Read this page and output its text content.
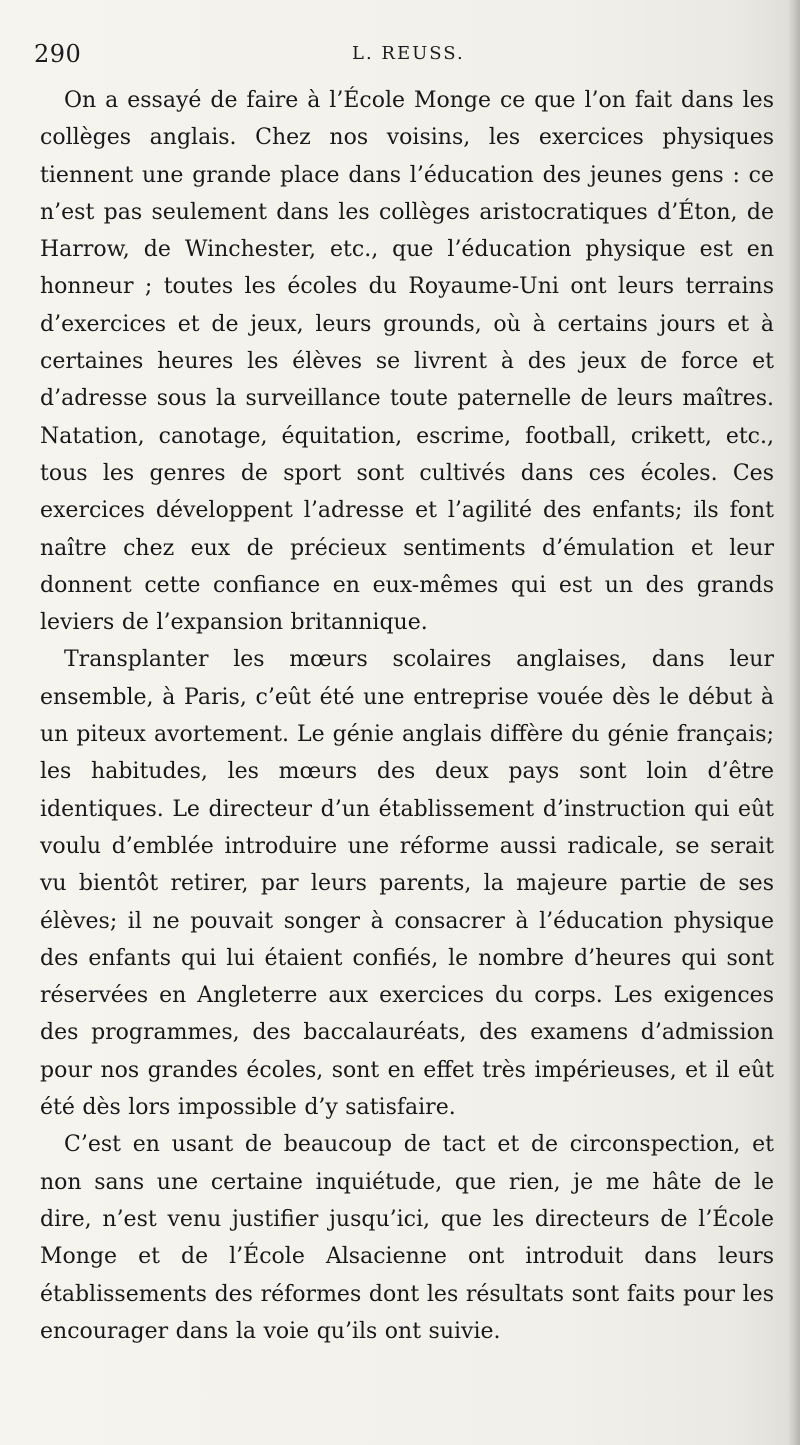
290	L. REUSS.

On a essayé de faire à l’École Monge ce que l’on fait dans les collèges anglais. Chez nos voisins, les exercices physiques tiennent une grande place dans l’éducation des jeunes gens : ce n’est pas seulement dans les collèges aristocratiques d’Éton, de Harrow, de Winchester, etc., que l’éducation physique est en honneur ; toutes les écoles du Royaume-Uni ont leurs terrains d’exercices et de jeux, leurs grounds, où à certains jours et à certaines heures les élèves se livrent à des jeux de force et d’adresse sous la surveillance toute paternelle de leurs maîtres. Natation, canotage, équitation, escrime, football, crikett, etc., tous les genres de sport sont cultivés dans ces écoles. Ces exercices développent l’adresse et l’agilité des enfants; ils font naître chez eux de précieux sentiments d’émulation et leur donnent cette confiance en eux-mêmes qui est un des grands leviers de l’expansion britannique.

Transplanter les mœurs scolaires anglaises, dans leur ensemble, à Paris, c’eût été une entreprise vouée dès le début à un piteux avortement. Le génie anglais diffère du génie français; les habitudes, les mœurs des deux pays sont loin d’être identiques. Le directeur d’un établissement d’instruction qui eût voulu d’emblée introduire une réforme aussi radicale, se serait vu bientôt retirer, par leurs parents, la majeure partie de ses élèves; il ne pouvait songer à consacrer à l’éducation physique des enfants qui lui étaient confiés, le nombre d’heures qui sont réservées en Angleterre aux exercices du corps. Les exigences des programmes, des baccalauréats, des examens d’admission pour nos grandes écoles, sont en effet très impérieuses, et il eût été dès lors impossible d’y satisfaire.

C’est en usant de beaucoup de tact et de circonspection, et non sans une certaine inquiétude, que rien, je me hâte de le dire, n’est venu justifier jusqu’ici, que les directeurs de l’École Monge et de l’École Alsacienne ont introduit dans leurs établissements des réformes dont les résultats sont faits pour les encourager dans la voie qu’ils ont suivie.
